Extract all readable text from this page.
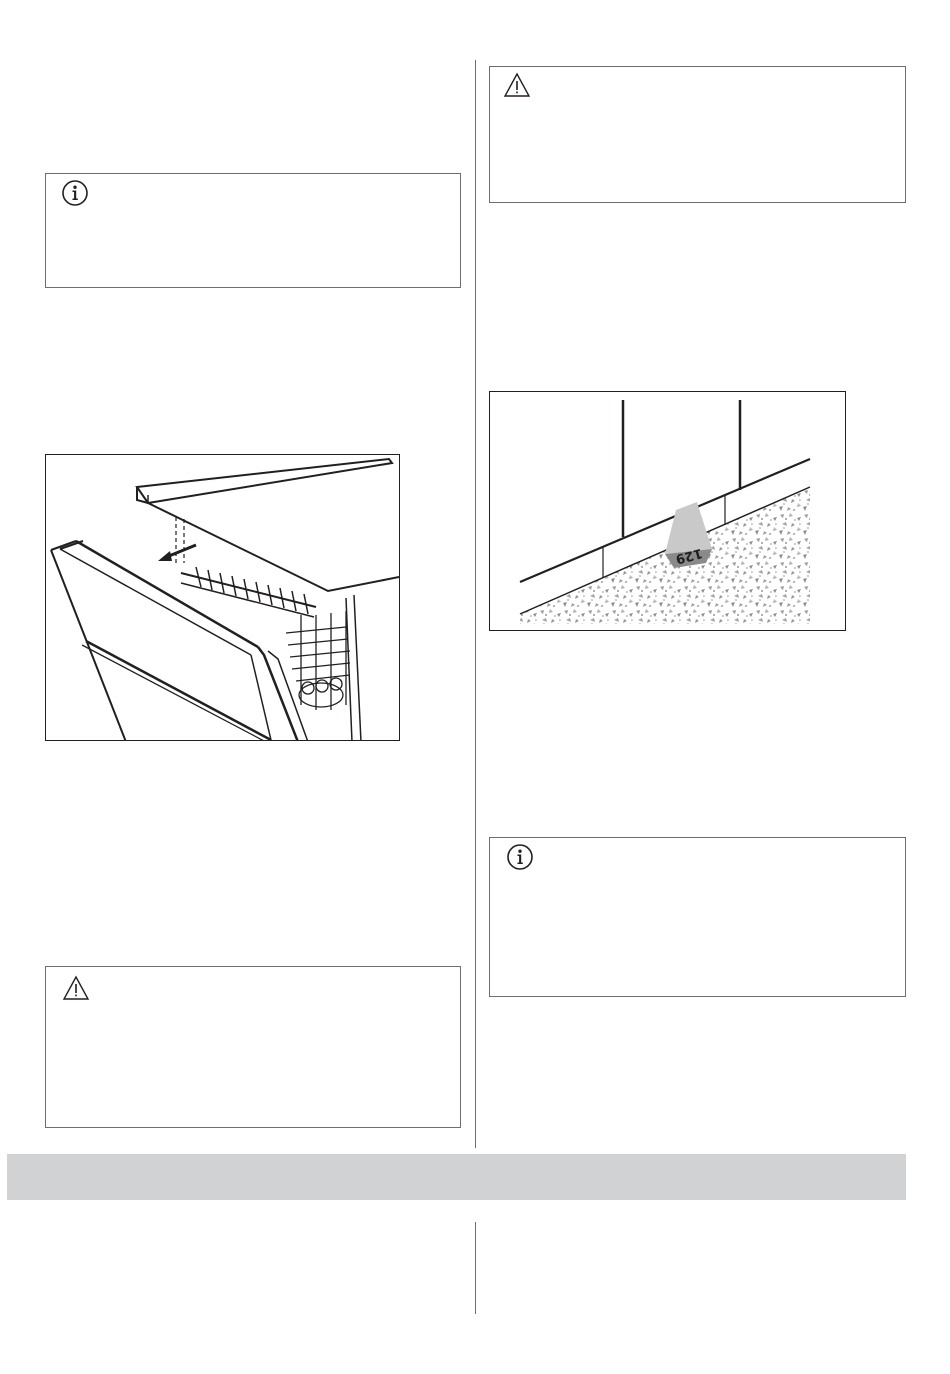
129
